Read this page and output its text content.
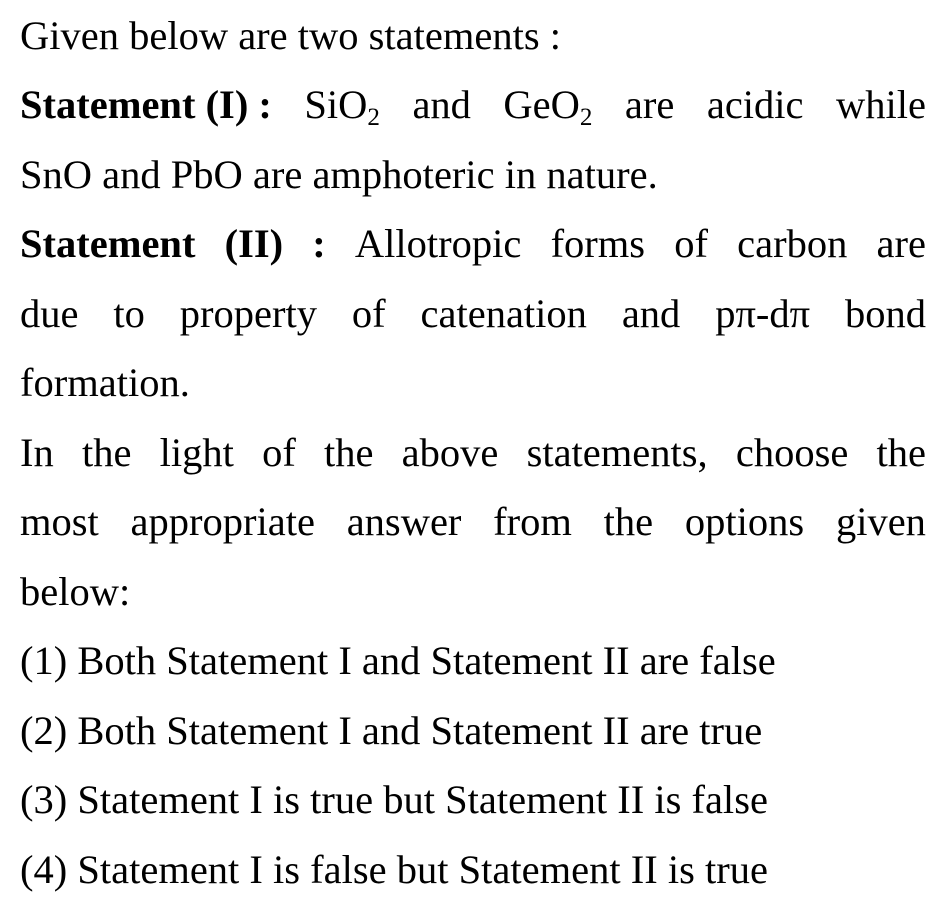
Given below are two statements :
Statement (I) : SiO$_2$ and GeO$_2$ are acidic while
SnO and PbO are amphoteric in nature.
Statement (II) : Allotropic forms of carbon are
due to property of catenation and pπ-dπ bond
formation.
In the light of the above statements, choose the
most appropriate answer from the options given
below:
(1) Both Statement I and Statement II are false
(2) Both Statement I and Statement II are true
(3) Statement I is true but Statement II is false
(4) Statement I is false but Statement II is true
